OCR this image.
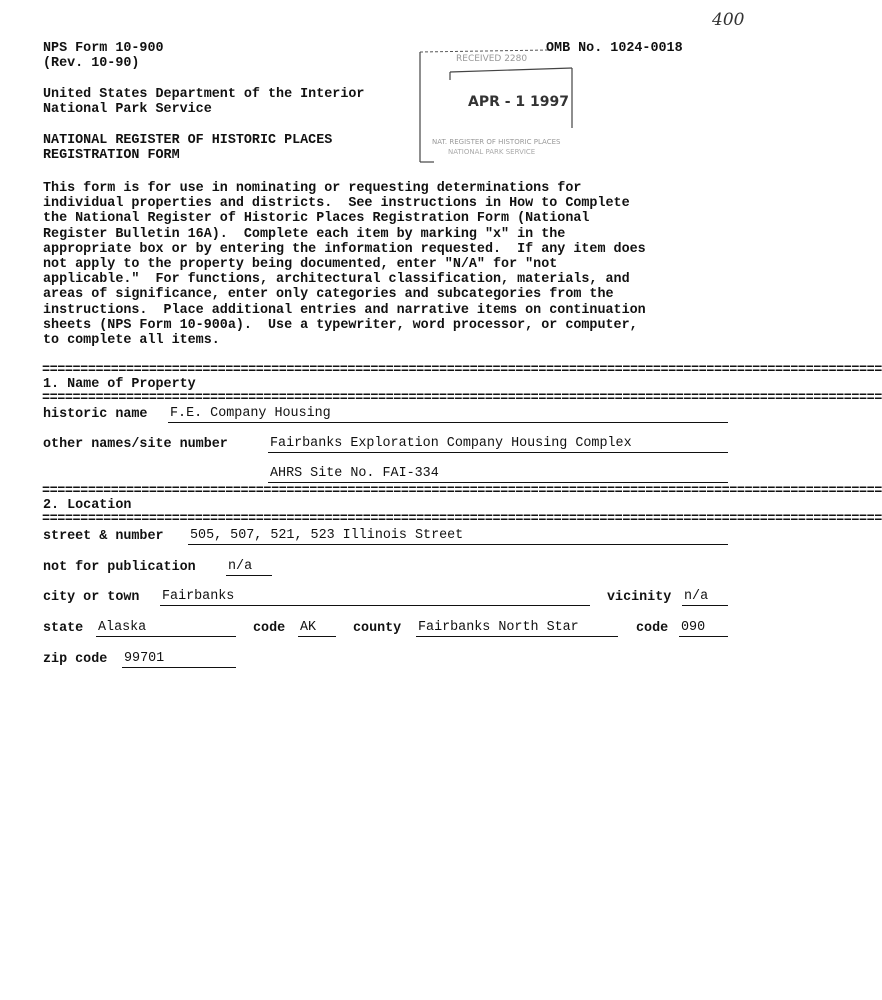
400
NPS Form 10-900
(Rev. 10-90)
OMB No. 1024-0018
United States Department of the Interior
National Park Service
NATIONAL REGISTER OF HISTORIC PLACES
REGISTRATION FORM
RECEIVED 2280
APR - 1 1997
NAT. REGISTER OF HISTORIC PLACES
NATIONAL PARK SERVICE
This form is for use in nominating or requesting determinations for
individual properties and districts.  See instructions in How to Complete
the National Register of Historic Places Registration Form (National
Register Bulletin 16A).  Complete each item by marking "x" in the
appropriate box or by entering the information requested.  If any item does
not apply to the property being documented, enter "N/A" for "not
applicable."  For functions, architectural classification, materials, and
areas of significance, enter only categories and subcategories from the
instructions.  Place additional entries and narrative items on continuation
sheets (NPS Form 10-900a).  Use a typewriter, word processor, or computer,
to complete all items.
==============================================================================================================
1. Name of Property
==============================================================================================================
historic name F.E. Company Housing
other names/site number	Fairbanks Exploration Company Housing Complex
AHRS Site No. FAI-334
==============================================================================================================
2. Location
==============================================================================================================
street & number 505, 507, 521, 523 Illinois Street
not for publication n/a
city or town Fairbanks	vicinity n/a
state Alaska	code AK	county Fairbanks North Star	code 090
zip code 99701
